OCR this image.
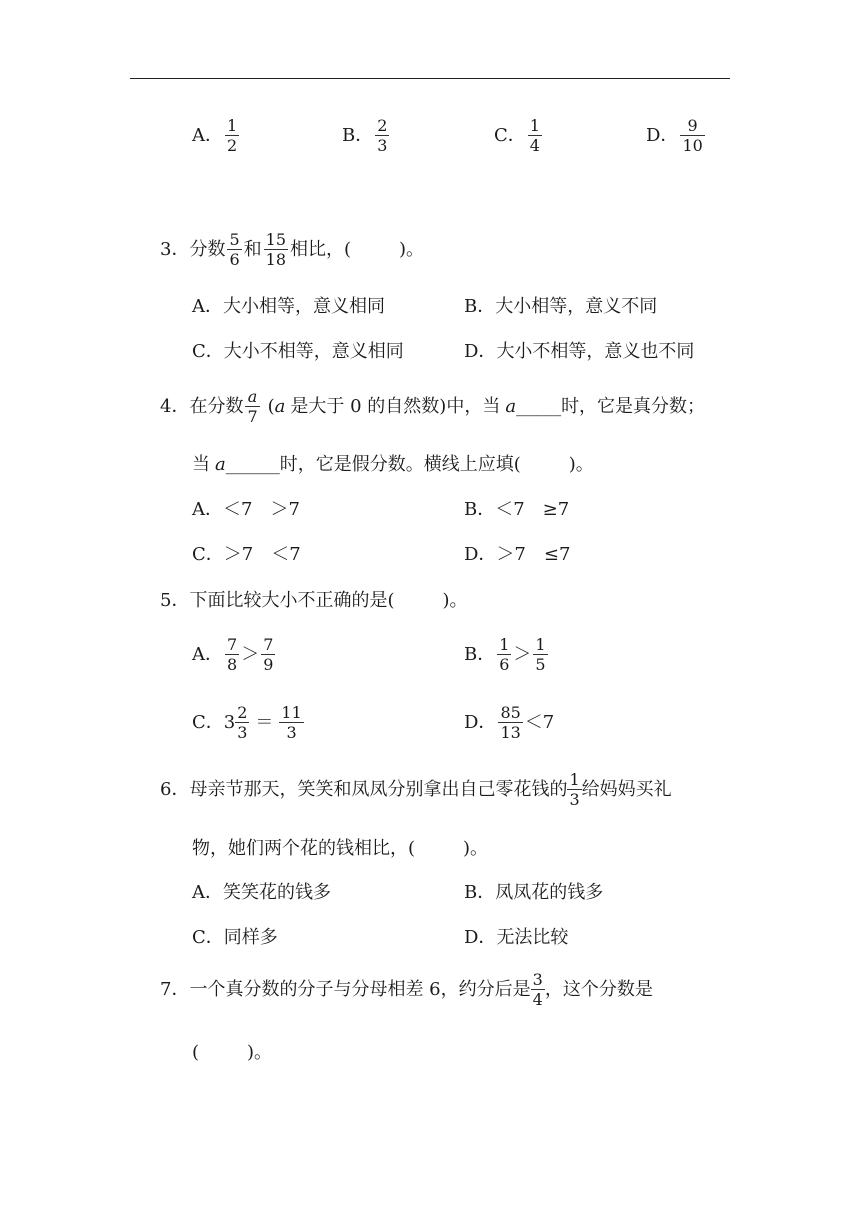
A． $\frac{1}{2}$	B． $\frac{2}{3}$	C． $\frac{1}{4}$	D． $\frac{9}{10}$
3． 分数 $\frac{5}{6}$ 和 $\frac{15}{18}$ 相比，(	)。
A．大小相等，意义相同	B．大小相等，意义不同
C．大小不相等，意义相同	D．大小不相等，意义也不同
4． 在分数 $\frac{a}{7}$ ( a 是大于 0 的自然数)中，当 a _____时，它是真分数；
当 a ______时，它是假分数。横线上应填(	)。
A．＜7　＞7	B．＜7　≥7
C．＞7　＜7	D．＞7　≤7
5． 下面比较大小不正确的是(	)。
A． $\frac{7}{8} > \frac{7}{9}$	B． $\frac{1}{6} > \frac{1}{5}$
C． $3 \frac{2}{3} = \frac{11}{3}$	D． $\frac{85}{13} <7$
6． 母亲节那天，笑笑和凤凤分别拿出自己零花钱的 $\frac{1}{3}$ 给妈妈买礼
物，她们两个花的钱相比，(	)。
A．笑笑花的钱多	B．凤凤花的钱多
C．同样多	D．无法比较
7． 一个真分数的分子与分母相差 6，约分后是 $\frac{3}{4}$ ，这个分数是
(	)。
